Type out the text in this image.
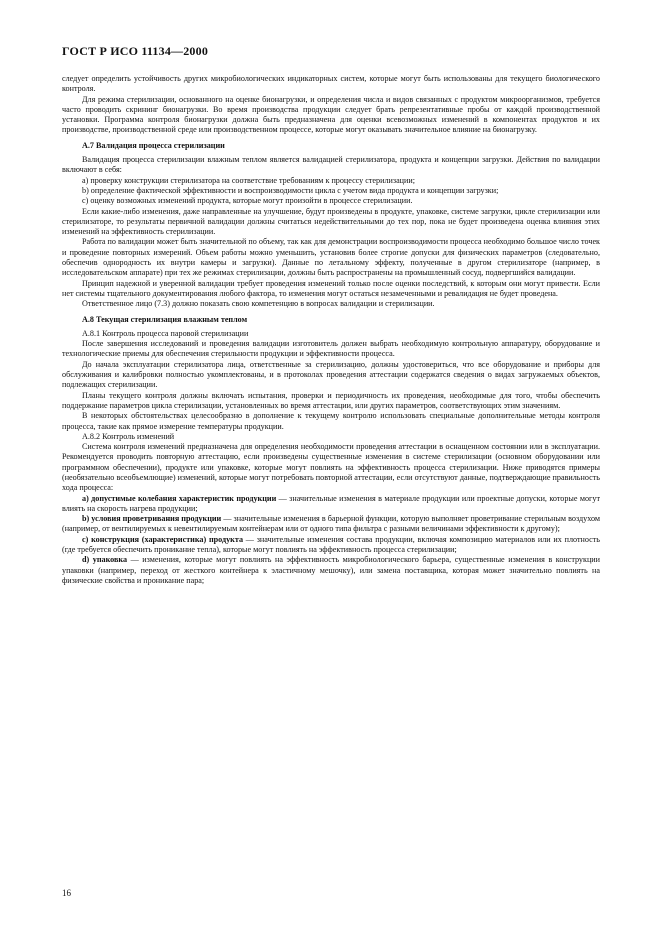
ГОСТ Р ИСО 11134—2000

следует определить устойчивость других микробиологических индикаторных систем, которые могут быть использованы для текущего биологического контроля.

Для режима стерилизации, основанного на оценке бионагрузки, и определения числа и видов связанных с продуктом микроорганизмов, требуется часто проводить скрининг бионагрузки. Во время производства продукции следует брать репрезентативные пробы от каждой производственной установки. Программа контроля бионагрузки должна быть предназначена для оценки всевозможных изменений в компонентах продуктов и их производстве, производственной среде или производственном процессе, которые могут оказывать значительное влияние на бионагрузку.

А.7 Валидация процесса стерилизации

Валидация процесса стерилизации влажным теплом является валидацией стерилизатора, продукта и концепции загрузки. Действия по валидации включают в себя:

a) проверку конструкции стерилизатора на соответствие требованиям к процессу стерилизации;

b) определение фактической эффективности и воспроизводимости цикла с учетом вида продукта и концепции загрузки;

c) оценку возможных изменений продукта, которые могут произойти в процессе стерилизации.

Если какие-либо изменения, даже направленные на улучшение, будут произведены в продукте, упаковке, системе загрузки, цикле стерилизации или стерилизаторе, то результаты первичной валидации должны считаться недействительными до тех пор, пока не будет произведена оценка влияния этих изменений на эффективность стерилизации.

Работа по валидации может быть значительной по объему, так как для демонстрации воспроизводимости процесса необходимо большое число точек и проведение повторных измерений. Объем работы можно уменьшить, установив более строгие допуски для физических параметров (следовательно, обеспечив однородность их внутри камеры и загрузки). Данные по летальному эффекту, полученные в другом стерилизаторе (например, в исследовательском аппарате) при тех же режимах стерилизации, должны быть распространены на промышленный сосуд, подвергшийся валидации.

Принцип надежной и уверенной валидации требует проведения изменений только после оценки последствий, к которым они могут привести. Если нет системы тщательного документирования любого фактора, то изменения могут остаться незамеченными и ревалидация не будет проведена.

Ответственное лицо (7.3) должно показать свою компетенцию в вопросах валидации и стерилизации.

А.8 Текущая стерилизация влажным теплом

А.8.1 Контроль процесса паровой стерилизации

После завершения исследований и проведения валидации изготовитель должен выбрать необходимую контрольную аппаратуру, оборудование и технологические приемы для обеспечения стерильности продукции и эффективности процесса.

До начала эксплуатации стерилизатора лица, ответственные за стерилизацию, должны удостовериться, что все оборудование и приборы для обслуживания и калибровки полностью укомплектованы, и в протоколах проведения аттестации содержатся сведения о видах загружаемых объектов, подлежащих стерилизации.

Планы текущего контроля должны включать испытания, проверки и периодичность их проведения, необходимые для того, чтобы обеспечить поддержание параметров цикла стерилизации, установленных во время аттестации, или других параметров, соответствующих этим значениям.

В некоторых обстоятельствах целесообразно в дополнение к текущему контролю использовать специальные дополнительные методы контроля процесса, такие как прямое измерение температуры продукции.

А.8.2 Контроль изменений

Система контроля изменений предназначена для определения необходимости проведения аттестации в оснащенном состоянии или в эксплуатации. Рекомендуется проводить повторную аттестацию, если произведены существенные изменения в системе стерилизации (основном оборудовании или программном обеспечении), продукте или упаковке, которые могут повлиять на эффективность процесса стерилизации. Ниже приводятся примеры (необязательно всеобъемлющие) изменений, которые могут потребовать повторной аттестации, если отсутствуют данные, подтверждающие правильность хода процесса:

a) допустимые колебания характеристик продукции — значительные изменения в материале продукции или проектные допуски, которые могут влиять на скорость нагрева продукции;

b) условия проветривания продукции — значительные изменения в барьерной функции, которую выполняет проветривание стерильным воздухом (например, от вентилируемых к невентилируемым контейнерам или от одного типа фильтра с разными величинами эффективности к другому);

c) конструкция (характеристика) продукта — значительные изменения состава продукции, включая композицию материалов или их плотность (где требуется обеспечить проникание тепла), которые могут повлиять на эффективность процесса стерилизации;

d) упаковка — изменения, которые могут повлиять на эффективность микробиологического барьера, существенные изменения в конструкции упаковки (например, переход от жесткого контейнера к эластичному мешочку), или замена поставщика, которая может значительно повлиять на физические свойства и проникание пара;

16
